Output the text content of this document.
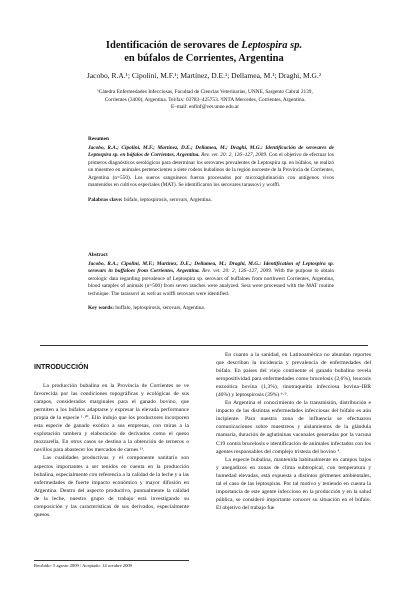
Identificación de serovares de Leptospira sp.
en búfalos de Corrientes, Argentina
Jacobo, R.A.¹; Cipolini, M.F.¹; Martínez, D.E.¹; Dellamea, M.¹; Draghi, M.G.²
¹Cátedra Enfermedades Infecciosas, Facultad de Ciencias Veterinarias, UNNE, Sargento Cabral 2139,
Corrientes (3400), Argentina. Tel/fax: 03783–425753. ²INTA Mercedes, Corrientes, Argentina.
E–mail: enfinf@vet.unne.edu.ar
Resumen
Jacobo, R.A.; Cipolini, M.F.; Martínez, D.E.; Dellamea, M.; Draghi, M.G.: Identificación de serovares de Leptospira sp. en búfalos de Corrientes, Argentina. Rev. vet. 20: 2, 126–127, 2009. Con el objetivo de efectuar los primeros diagnósticos serológicos para determinar los serovares prevalentes de Leptospira sp. en búfalos, se realizó un muestreo en animales pertenecientes a siete rodeos bubalinos de la región noroeste de la Provincia de Corrientes, Argentina (n=550). Los sueros sanguíneos fueron procesados por microaglutinación con antígenos vivos mantenidos en cultivos especiales (MAT). Se identificaron los serovares tarassovi y wolffi.
Palabras clave: búfalo, leptospirosis, serovars, Argentina.
Abstract
Jacobo, R.A.; Cipolini, M.F.; Martínez, D.E.; Dellamea, M.; Draghi, M.G.: Identification of Leptospira sp. serovars in buffaloes from Corrientes, Argentina. Rev. vet. 20: 2, 126–127, 2009. With the purpose to obtain serologic data regarding prevalence of Leptospira sp. serovars of buffaloes from northwest Corrientes, Argentina, blood samples of animals (n=500) from seven ranches were analyzed. Sera were processed with the MAT routine technique. The tarassovi as well as wolffi serovars were identified.
Key words: buffalo, leptospirosis, serovars, Argentina.
INTRODUCCIÓN

La producción bubalina en la Provincia de Corrientes se ve favorecida por las condiciones topográficas y ecológicas de sus campos, considerados marginales para el ganado bovino, que permiten a los búfalos adaptarse y expresar la elevada performance propia de la especie ¹·¹⁰. Ello indujo que los productores incorporen esta especie de ganado exótico a sus empresas, con miras a la explotación tambera y elaboración de derivados como el queso mozzarella. En otros casos se destina a la obtención de terneros o novillos para abastecer los mercados de carnes ¹¹.

Las cualidades productivas y el componente sanitario son aspectos importantes a ser tenidos en cuenta en la producción bubalina, especialmente con referencia a la calidad de la leche y a las enfermedades de fuerte impacto económico y mayor difusión en Argentina. Dentro del aspecto productivo, puntualmente la calidad de la leche, nuestro grupo de trabajo está investigando su composición y las características de sus derivados, especialmente quesos.

Recibido: 5 agosto 2009 / Aceptado: 14 octubre 2009

En cuanto a la sanidad, en Latinoamérica no abundan reportes que describan la incidencia y prevalencia de enfermedades del búfalo. En países del viejo continente el ganado bubalino revela seropositividad para enfermedades como brucelosis (2,6%), leucosis enzoótica bovina (1,3%), rinotraqueítis infecciosa bovina–IBR (40%) y leptospirosis (39%) ⁶·⁹.

En Argentina el conocimiento de la transmisión, distribución e impacto de las distintas enfermedades infecciosas del búfalo es aún incipiente. Para nuestra zona de influencia se efectuaron comunicaciones sobre muestreos y aislamientos de la glándula mamaria, duración de aglutininas vacunales generadas por la vacuna C19 contra brucelosis e identificación de animales infectados con los agentes responsables del complejo tristeza del bovino ⁴.

La especie bubalina, mantenida habitualmente en campos bajos y anegadizos en zonas de clima subtropical, con temperatura y humedad elevadas, está expuesta a distintos gérmenes ambientales, tal el caso de las leptospiras. Por tal motivo y teniendo en cuenta la importancia de este agente infeccioso en la producción y en la salud pública, se consideró importante conocer su situación en el búfalo. El objetivo del trabajo fue
